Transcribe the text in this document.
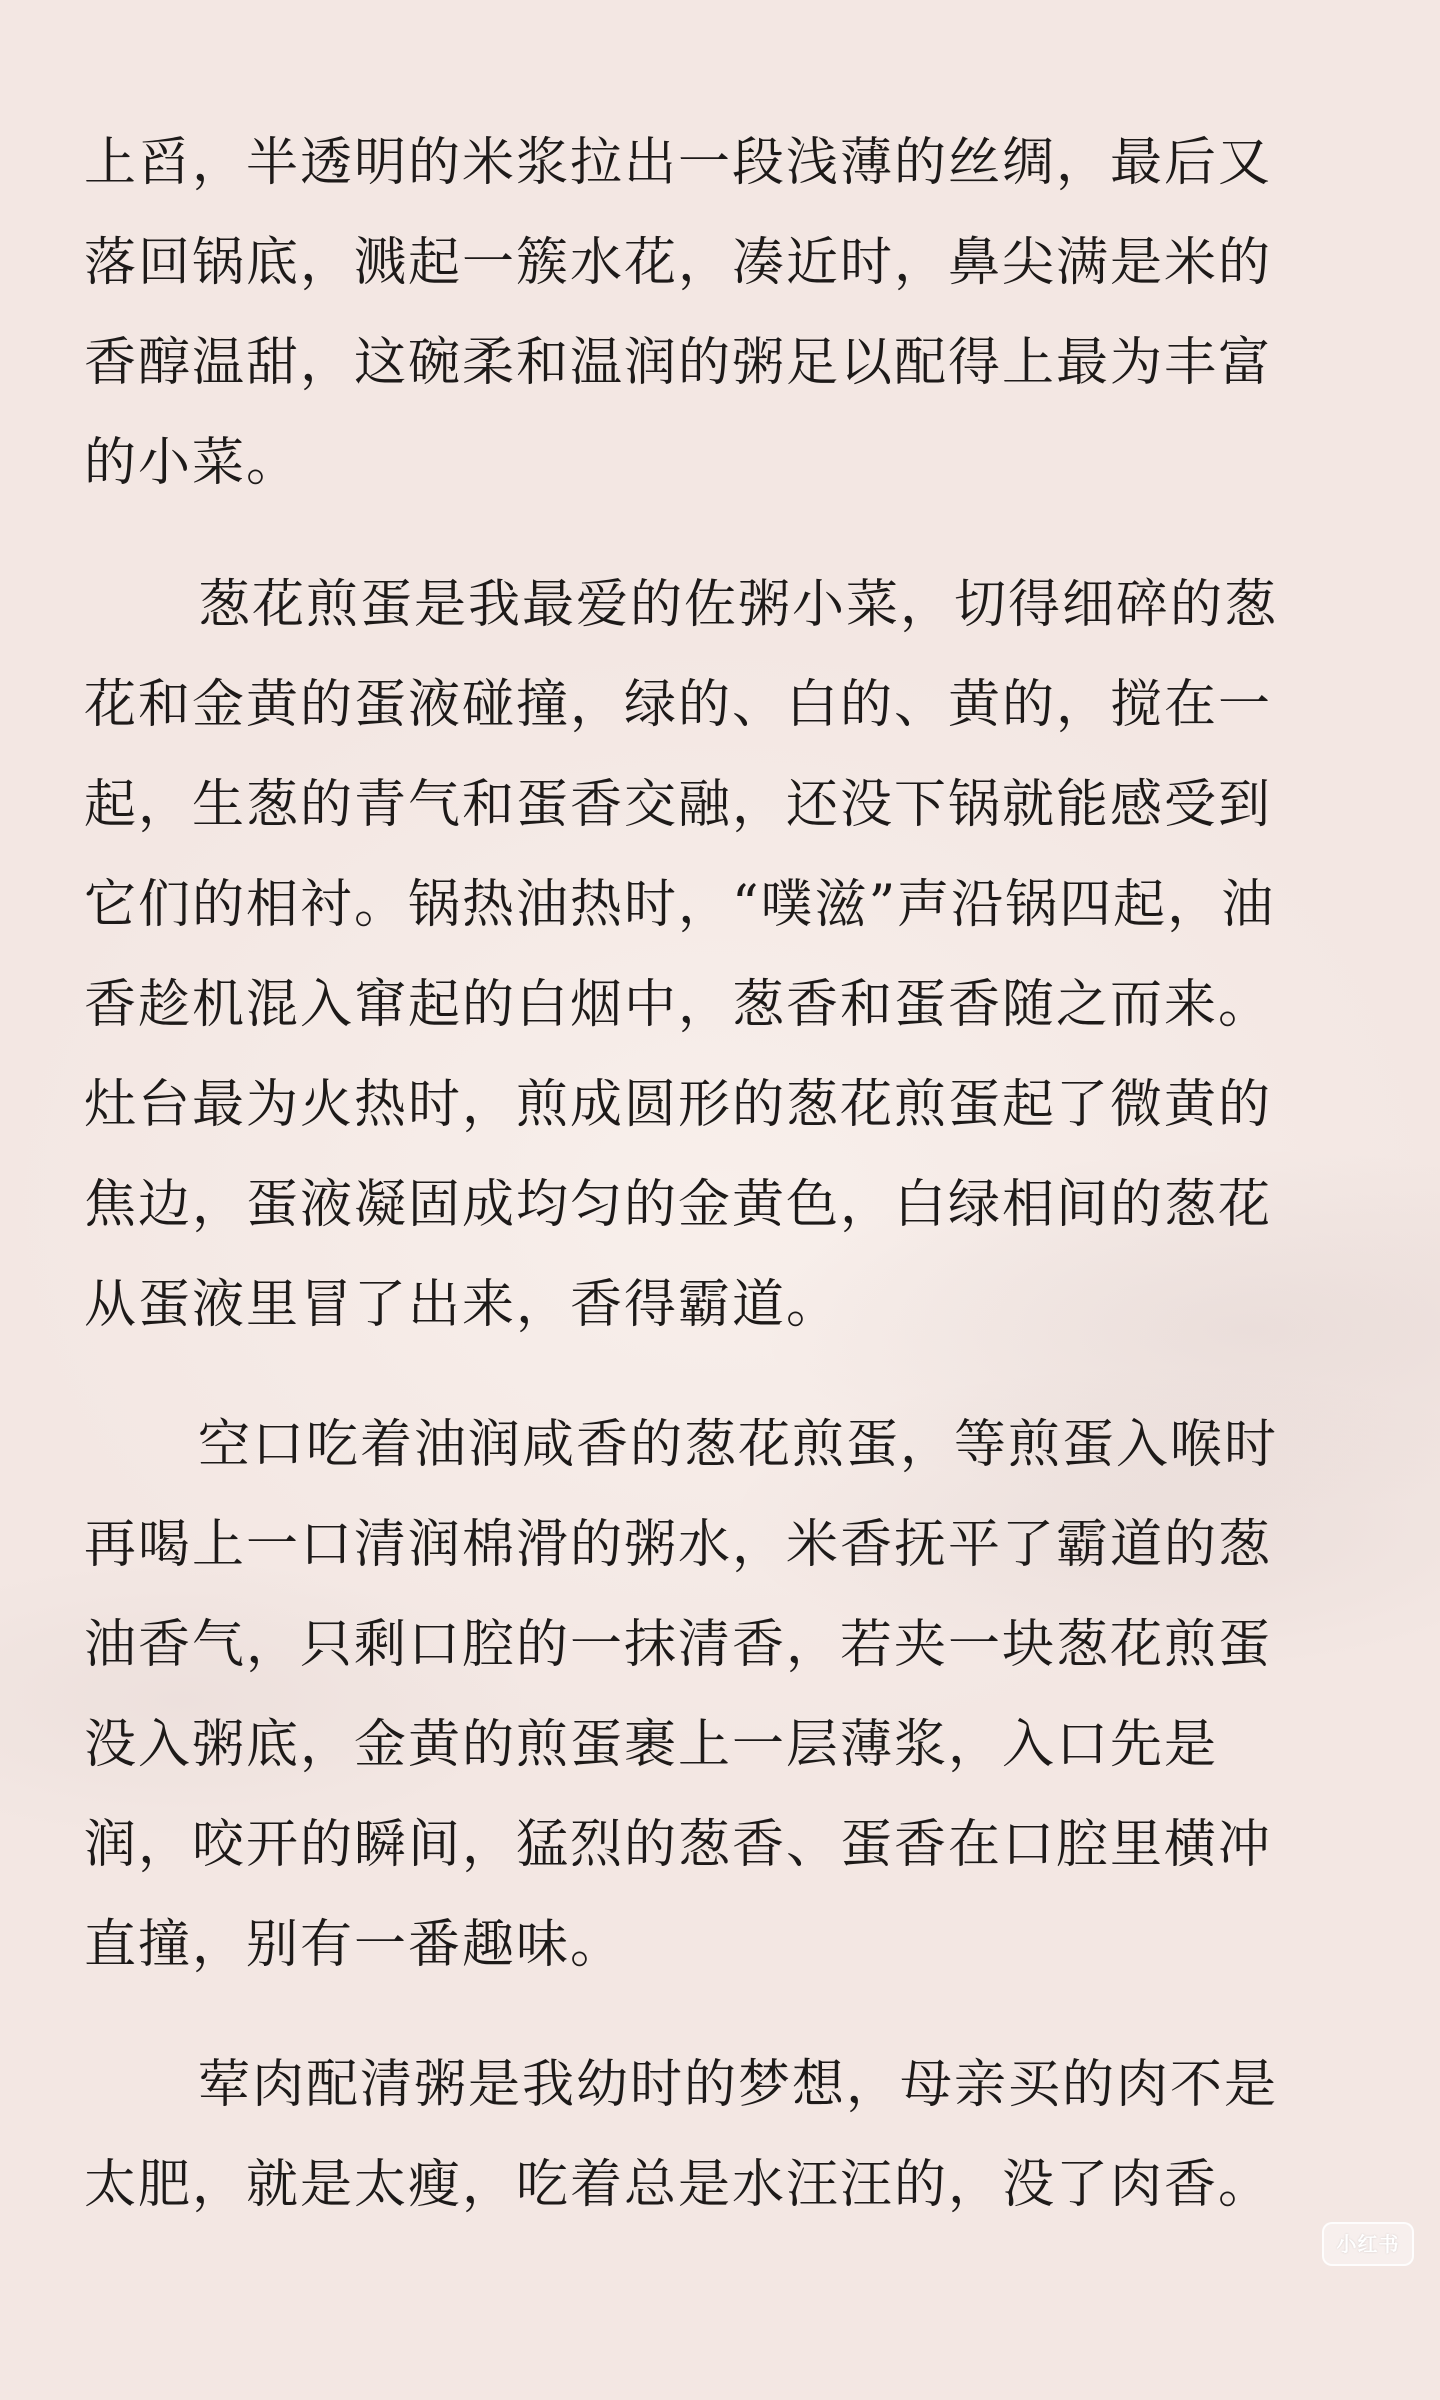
上舀，半透明的米浆拉出一段浅薄的丝绸，最后又
落回锅底，溅起一簇水花，凑近时，鼻尖满是米的
香醇温甜，这碗柔和温润的粥足以配得上最为丰富
的小菜。
葱花煎蛋是我最爱的佐粥小菜，切得细碎的葱
花和金黄的蛋液碰撞，绿的、白的、黄的，搅在一
起，生葱的青气和蛋香交融，还没下锅就能感受到
它们的相衬。锅热油热时，“噗滋”声沿锅四起，油
香趁机混入窜起的白烟中，葱香和蛋香随之而来。
灶台最为火热时，煎成圆形的葱花煎蛋起了微黄的
焦边，蛋液凝固成均匀的金黄色，白绿相间的葱花
从蛋液里冒了出来，香得霸道。
空口吃着油润咸香的葱花煎蛋，等煎蛋入喉时
再喝上一口清润棉滑的粥水，米香抚平了霸道的葱
油香气，只剩口腔的一抹清香，若夹一块葱花煎蛋
没入粥底，金黄的煎蛋裹上一层薄浆，入口先是
润，咬开的瞬间，猛烈的葱香、蛋香在口腔里横冲
直撞，别有一番趣味。
荤肉配清粥是我幼时的梦想，母亲买的肉不是
太肥，就是太瘦，吃着总是水汪汪的，没了肉香。
小红书
